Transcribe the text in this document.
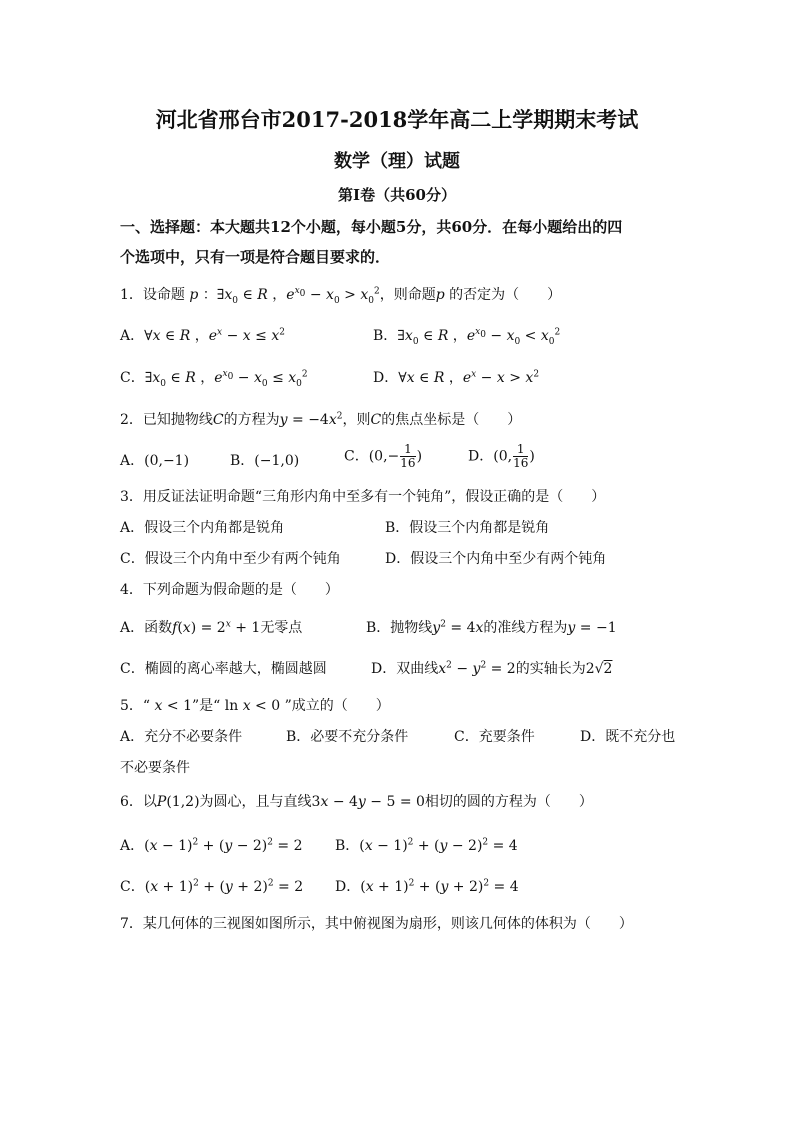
河北省邢台市2017-2018学年高二上学期期末考试
数学（理）试题
第Ⅰ卷（共60分）
一、选择题：本大题共12个小题，每小题5分，共60分．在每小题给出的四
个选项中，只有一项是符合题目要求的．
1．设命题 p ：$\exists x_0$ ∈ R ，$e^{x_0} - x_0 > x_0^2$，则命题p 的否定为（　　）
A．∀x ∈ R ，$e^x - x \le x^2$	B．$\exists x_0$ ∈ R ，$e^{x_0} - x_0 < x_0^2$
C．$\exists x_0$ ∈ R ，$e^{x_0} - x_0 \le x_0^2$	D．∀x ∈ R ，$e^x - x > x^2$
2．已知抛物线C的方程为$y = -4x^2$，则C的焦点坐标是（　　）
A．(0,−1)	B．(−1,0)	C．($0,- \frac{1}{16}$ )	D．(0, $\frac{1}{16}$ )
3．用反证法证明命题“三角形内角中至多有一个钝角”，假设正确的是（　　）
A．假设三个内角都是锐角	B．假设三个内角都是锐角
C．假设三个内角中至少有两个钝角	D．假设三个内角中至少有两个钝角
4．下列命题为假命题的是（　　）
A．函数$f(x) = 2^x + 1$无零点	B．抛物线$y^2 = 4x$的准线方程为y = −1
C．椭圆的离心率越大，椭圆越圆	D．双曲线$x^2 - y^2 = 2$的实轴长为2√2
5．“ x < 1”是“ ln x < 0 ”成立的（　　）
A．充分不必要条件	B．必要不充分条件	C．充要条件	D．既不充分也
不必要条件
6．以P(1,2)为圆心，且与直线3x − 4y − 5 = 0相切的圆的方程为（　　）
A．$(x - 1)^2 + (y - 2)^2 = 2$ B．$(x - 1)^2 + (y - 2)^2 = 4$
C．$(x + 1)^2 + (y + 2)^2 = 2$ D．$(x + 1)^2 + (y + 2)^2 = 4$
7．某几何体的三视图如图所示，其中俯视图为扇形，则该几何体的体积为（　　）
